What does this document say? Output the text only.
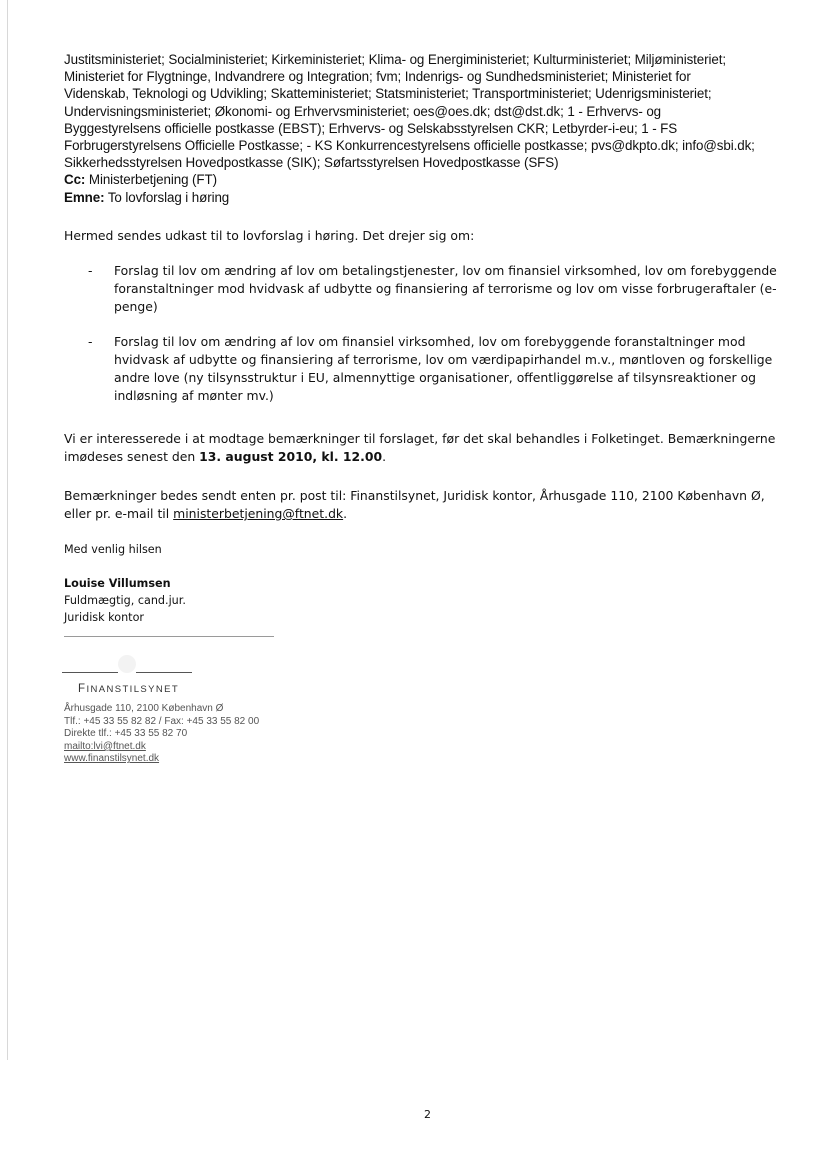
Justitsministeriet; Socialministeriet; Kirkeministeriet; Klima- og Energiministeriet; Kulturministeriet; Miljøministeriet;
Ministeriet for Flygtninge, Indvandrere og Integration; fvm; Indenrigs- og Sundhedsministeriet; Ministeriet for
Videnskab, Teknologi og Udvikling; Skatteministeriet; Statsministeriet; Transportministeriet; Udenrigsministeriet;
Undervisningsministeriet; Økonomi- og Erhvervsministeriet; oes@oes.dk; dst@dst.dk; 1 - Erhvervs- og
Byggestyrelsens officielle postkasse (EBST); Erhvervs- og Selskabsstyrelsen CKR; Letbyrder-i-eu; 1 - FS
Forbrugerstyrelsens Officielle Postkasse; - KS Konkurrencestyrelsens officielle postkasse; pvs@dkpto.dk; info@sbi.dk;
Sikkerhedsstyrelsen Hovedpostkasse (SIK); Søfartsstyrelsen Hovedpostkasse (SFS)
Cc: Ministerbetjening (FT)
Emne: To lovforslag i høring
Hermed sendes udkast til to lovforslag i høring. Det drejer sig om:
- Forslag til lov om ændring af lov om betalingstjenester, lov om finansiel virksomhed, lov om forebyggende
foranstaltninger mod hvidvask af udbytte og finansiering af terrorisme og lov om visse forbrugeraftaler (e-
penge)
- Forslag til lov om ændring af lov om finansiel virksomhed, lov om forebyggende foranstaltninger mod
hvidvask af udbytte og finansiering af terrorisme, lov om værdipapirhandel m.v., møntloven og forskellige
andre love (ny tilsynsstruktur i EU, almennyttige organisationer, offentliggørelse af tilsynsreaktioner og
indløsning af mønter mv.)
Vi er interesserede i at modtage bemærkninger til forslaget, før det skal behandles i Folketinget. Bemærkningerne
imødeses senest den 13. august 2010, kl. 12.00.
Bemærkninger bedes sendt enten pr. post til: Finanstilsynet, Juridisk kontor, Århusgade 110, 2100 København Ø,
eller pr. e-mail til ministerbetjening@ftnet.dk.
Med venlig hilsen
Louise Villumsen
Fuldmægtig, cand.jur.
Juridisk kontor
FINANSTILSYNET
Århusgade 110, 2100 København Ø
Tlf.: +45 33 55 82 82 / Fax: +45 33 55 82 00
Direkte tlf.: +45 33 55 82 70
mailto:lvi@ftnet.dk
www.finanstilsynet.dk
2
